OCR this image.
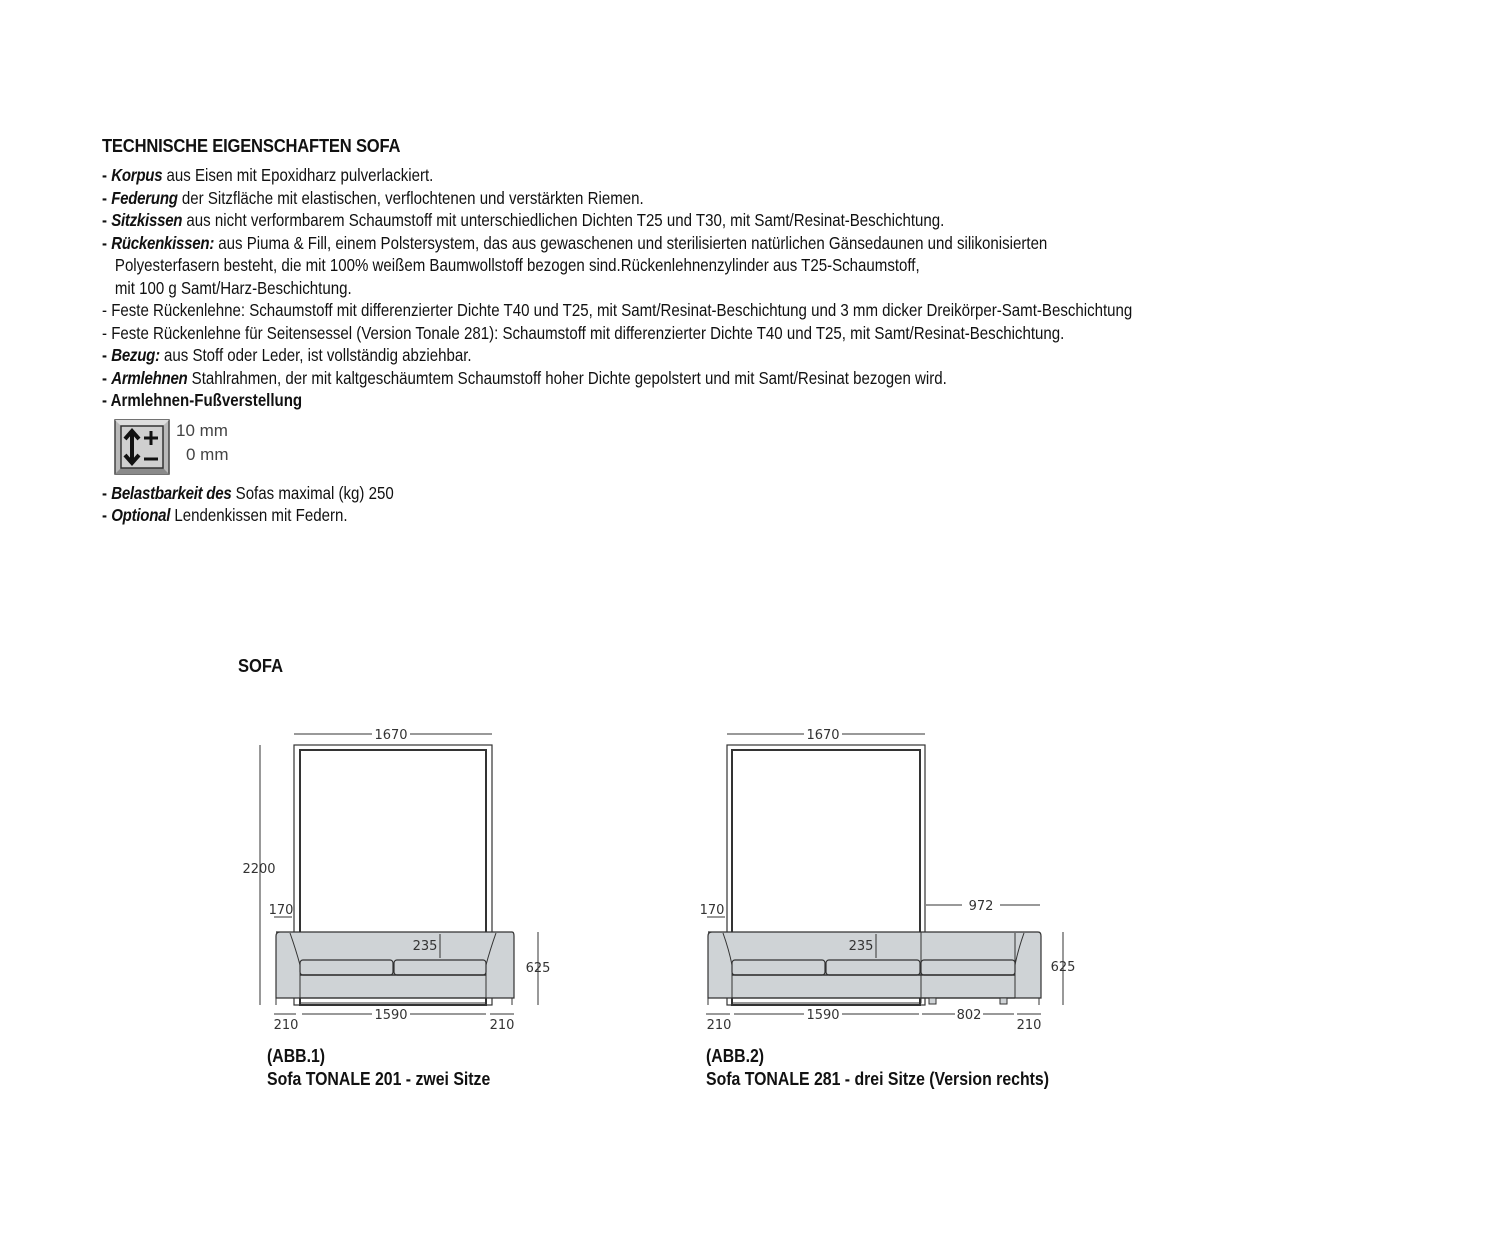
TECHNISCHE EIGENSCHAFTEN SOFA
- Korpus aus Eisen mit Epoxidharz pulverlackiert.
- Federung der Sitzfläche mit elastischen, verflochtenen und verstärkten Riemen.
- Sitzkissen aus nicht verformbarem Schaumstoff mit unterschiedlichen Dichten T25 und T30, mit Samt/Resinat-Beschichtung.
- Rückenkissen: aus Piuma & Fill, einem Polstersystem, das aus gewaschenen und sterilisierten natürlichen Gänsedaunen und silikonisierten
Polyesterfasern besteht, die mit 100% weißem Baumwollstoff bezogen sind.Rückenlehnenzylinder aus T25-Schaumstoff,
mit 100 g Samt/Harz-Beschichtung.
- Feste Rückenlehne: Schaumstoff mit differenzierter Dichte T40 und T25, mit Samt/Resinat-Beschichtung und 3 mm dicker Dreikörper-Samt-Beschichtung
- Feste Rückenlehne für Seitensessel (Version Tonale 281): Schaumstoff mit differenzierter Dichte T40 und T25, mit Samt/Resinat-Beschichtung.
- Bezug: aus Stoff oder Leder, ist vollständig abziehbar.
- Armlehnen Stahlrahmen, der mit kaltgeschäumtem Schaumstoff hoher Dichte gepolstert und mit Samt/Resinat bezogen wird.
- Armlehnen-Fußverstellung
10 mm
0 mm
- Belastbarkeit des Sofas maximal (kg) 250
- Optional Lendenkissen mit Federn.
SOFA
1670
2200
170
235
625
210
1590
210
1670
170	972
235
625
210
1590	802
210
(ABB.1)
Sofa TONALE 201 - zwei Sitze
(ABB.2)
Sofa TONALE 281 - drei Sitze (Version rechts)
